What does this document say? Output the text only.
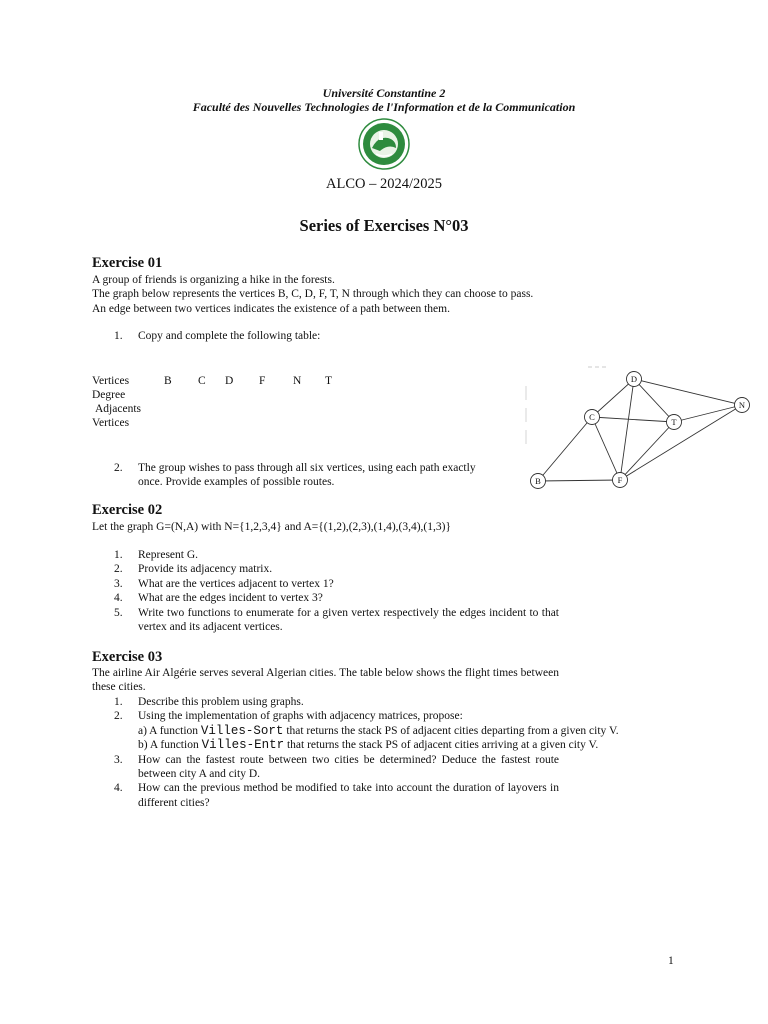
Université Constantine 2
Faculté des Nouvelles Technologies de l'Information et de la Communication
ALCO – 2024/2025
Series of Exercises N°03
Exercise 01
A group of friends is organizing a hike in the forests.
The graph below represents the vertices B, C, D, F, T, N through which they can choose to pass.
An edge between two vertices indicates the existence of a path between them.
1. Copy and complete the following table:
Vertices	B C D F N T
Degree
Adjacents
Vertices
2. The group wishes to pass through all six vertices, using each path exactly
once. Provide examples of possible routes.
D
C	T
N
B	F
Exercise 02
Let the graph G=(N,A) with N={1,2,3,4} and A={(1,2),(2,3),(1,4),(3,4),(1,3)}
1. Represent G.
2. Provide its adjacency matrix.
3. What are the vertices adjacent to vertex 1?
4. What are the edges incident to vertex 3?
5. Write two functions to enumerate for a given vertex respectively the edges incident to that vertex and its adjacent vertices.
Exercise 03
The airline Air Algérie serves several Algerian cities. The table below shows the flight times between these cities.
1. Describe this problem using graphs.
2. Using the implementation of graphs with adjacency matrices, propose:
a) A function Villes-Sort that returns the stack PS of adjacent cities departing from a given city V.
b) A function Villes-Entr that returns the stack PS of adjacent cities arriving at a given city V.
3. How can the fastest route between two cities be determined? Deduce the fastest route between city A and city D.
4. How can the previous method be modified to take into account the duration of layovers in different cities?
1
